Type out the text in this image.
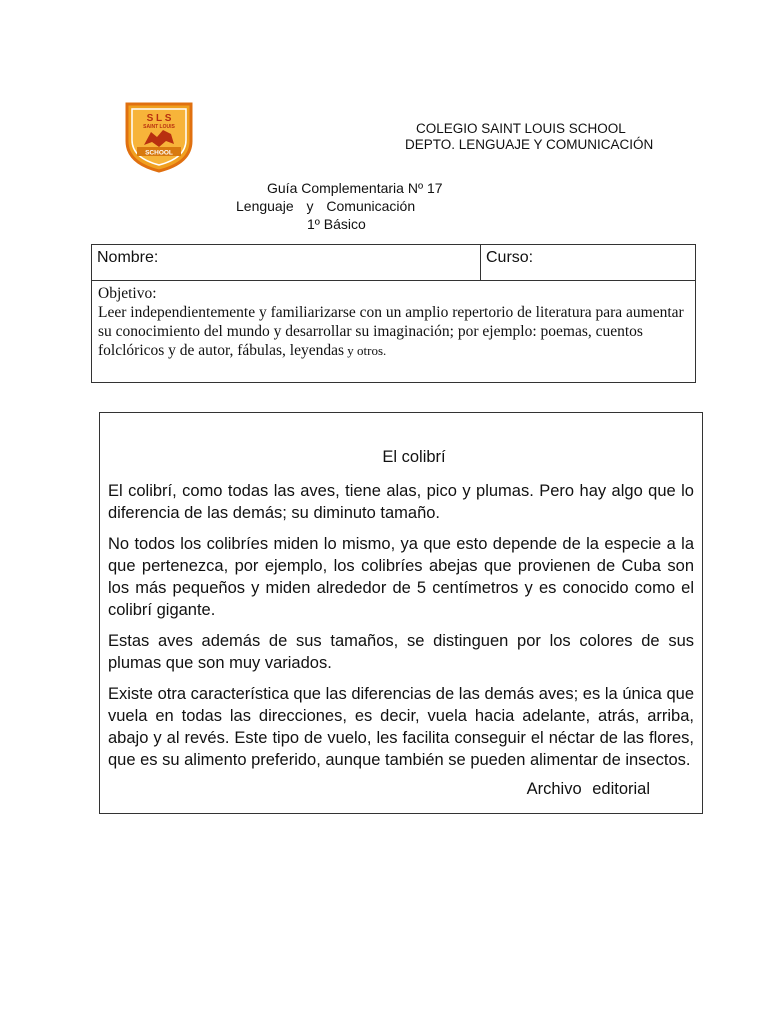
S L S
SAINT LOUIS
SCHOOL
COLEGIO SAINT LOUIS SCHOOL
DEPTO. LENGUAJE Y COMUNICACIÓN
Guía Complementaria Nº 17
Lenguaje y Comunicación
1º Básico
Nombre:	Curso:

Objetivo:
Leer independientemente y familiarizarse con un amplio repertorio de literatura para aumentar su conocimiento del mundo y desarrollar su imaginación; por ejemplo: poemas, cuentos folclóricos y de autor, fábulas, leyendas y otros.
El colibrí

El colibrí, como todas las aves, tiene alas, pico y plumas. Pero hay algo que lo diferencia de las demás; su diminuto tamaño.

No todos los colibríes miden lo mismo, ya que esto depende de la especie a la que pertenezca, por ejemplo, los colibríes abejas que provienen de Cuba son los más pequeños y miden alrededor de 5 centímetros y es conocido como el colibrí gigante.

Estas aves además de sus tamaños, se distinguen por los colores de sus plumas que son muy variados.

Existe otra característica que las diferencias de las demás aves; es la única que vuela en todas las direcciones, es decir, vuela hacia adelante, atrás, arriba, abajo y al revés. Este tipo de vuelo, les facilita conseguir el néctar de las flores, que es su alimento preferido, aunque también se pueden alimentar de insectos.

Archivo editorial
